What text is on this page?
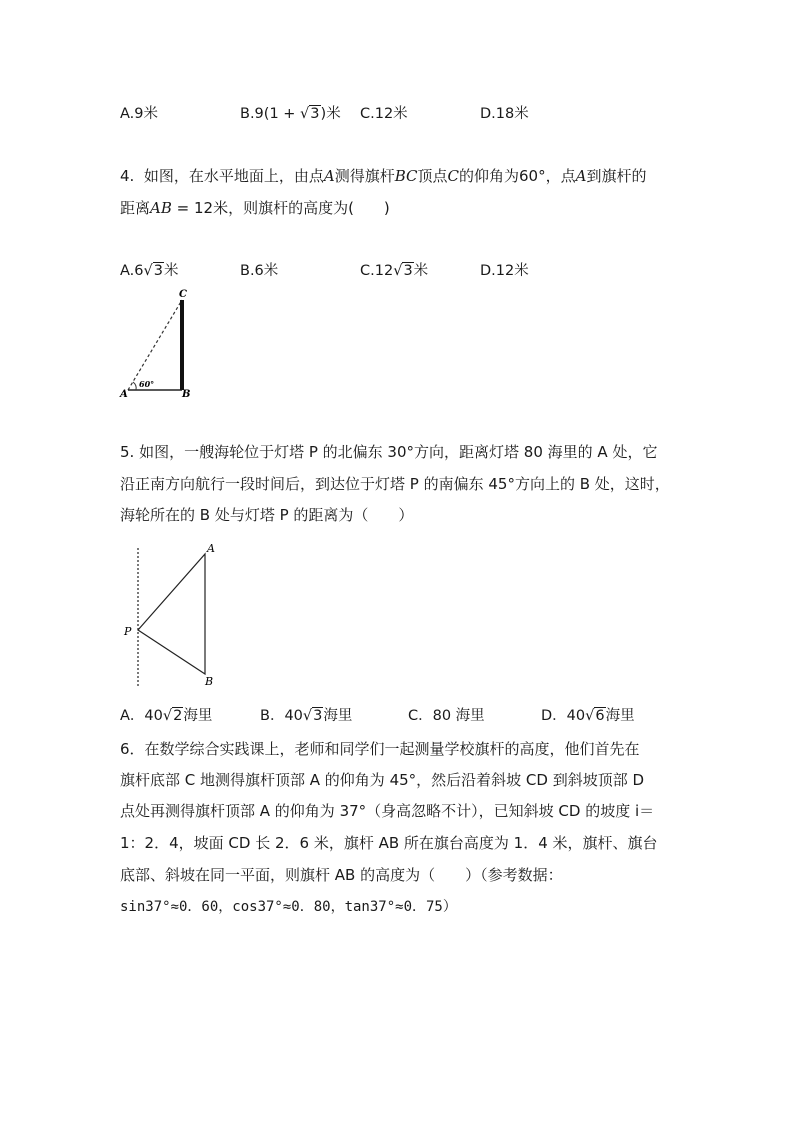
A.9米	B.9(1 + √3)米 C.12米	D.18米
4. 如图，在水平地面上，由点A测得旗杆BC顶点C的仰角为60°，点A到旗杆的
距离AB = 12米，则旗杆的高度为(　　)
A.6√3米	B.6米	C.12√3米	D.12米
C
A	B
60°
5. 如图，一艘海轮位于灯塔 P 的北偏东 30°方向，距离灯塔 80 海里的 A 处，它
沿正南方向航行一段时间后，到达位于灯塔 P 的南偏东 45°方向上的 B 处，这时，
海轮所在的 B 处与灯塔 P 的距离为（　　）
A
P
B
A．40√2海里	B．40√3海里	C．80 海里	D．40√6海里
6．在数学综合实践课上，老师和同学们一起测量学校旗杆的高度，他们首先在
旗杆底部 C 地测得旗杆顶部 A 的仰角为 45°，然后沿着斜坡 CD 到斜坡顶部 D
点处再测得旗杆顶部 A 的仰角为 37°（身高忽略不计），已知斜坡 CD 的坡度 i＝
1：2．4，坡面 CD 长 2．6 米，旗杆 AB 所在旗台高度为 1．4 米，旗杆、旗台
底部、斜坡在同一平面，则旗杆 AB 的高度为（　　）（参考数据：
sin37°≈0．60，cos37°≈0．80，tan37°≈0．75）
